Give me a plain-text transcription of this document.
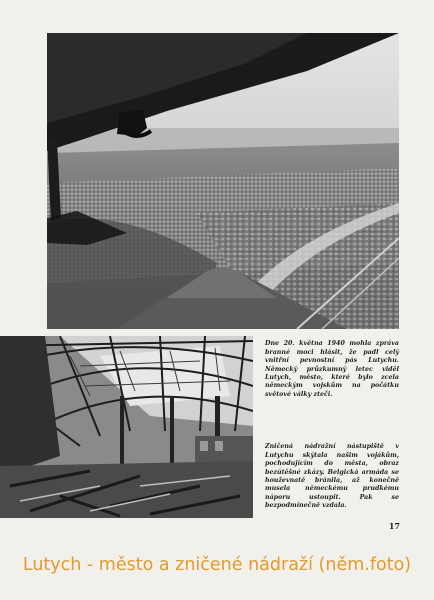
Dne 20. května 1940 mohla zpráva branné moci hlásit, že padl celý vnitřní pevnostní pás Lutychu. Německý průzkumný letec viděl Lutych, město, které bylo zcela německým vojskům na počátku světové války zteči.

Zničená nádražní nástupiště v Lutychu skýtala našim vojákům, pochodujícím do města, obraz bezútěšné zkázy. Belgická armáda se houževnatě bránila, až konečně musela německému prudkému náporu ustoupit. Pak se bezpodmínečně vzdala.

17
Lutych - město a zničené nádraží (něm.foto)
